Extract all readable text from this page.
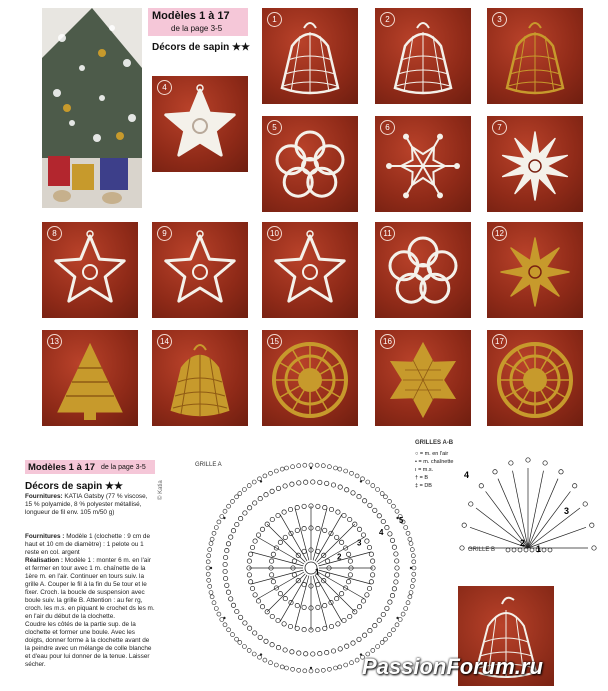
Modèles 1 à 17
de la page 3-5
Décors de sapin ★★
1	2	3
4
5	6	7
8	9	10	11	12
13	14	15	16	17
Modèles 1 à 17 de la page 3-5
Décors de sapin ★★
Fournitures: KATIA Gatsby (77 % viscose, 15 % polyamide, 8 % polyester métallisé, longueur de fil env. 105 m/50 g)
Fournitures : Modèle 1 (clochette : 9 cm de haut et 10 cm de diamètre) : 1 pelote ou 1 reste en col. argent
Réalisation : Modèle 1 : monter 6 m. en l'air et fermer en tour avec 1 m. chaînette de la 1ère m. en l'air. Continuer en tours suiv. la grille A. Couper le fil à la fin du 5e tour et le fixer. Croch. la boucle de suspension avec boule suiv. la grille B. Attention : au fer rg, croch. les m.s. en piquant le crochet ds les m. en l'air du début de la clochette.
Coudre les côtés de la partie sup. de la clochette et former une boule. Avec les doigts, donner forme à la clochette avant de la peindre avec un mélange de colle blanche et d'eau pour lui donner de la tenue. Laisser sécher.
© Katia
GRILLE A
1
2
3
4
5
GRILLES A-B
○ = m. en l'air
• = m. chaînette
ı = m.s.
† = B
‡ = DB
1
2
3
4
GRILLE B
PassionForum.ru
